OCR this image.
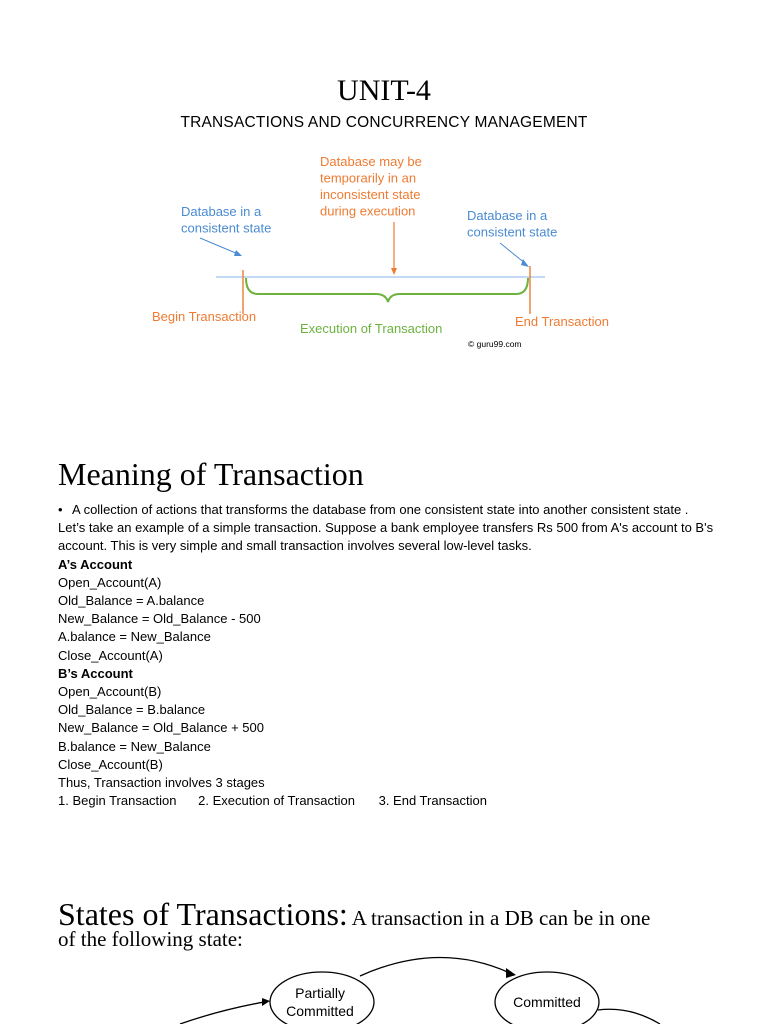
UNIT-4
TRANSACTIONS AND CONCURRENCY MANAGEMENT
Database may be temporarily in an inconsistent state during execution
Database in a consistent state
Database in a consistent state
Begin Transaction
Execution of Transaction	End Transaction
© guru99.com
Meaning of Transaction
• A collection of actions that transforms the database from one consistent state into another consistent state .
Let’s take an example of a simple transaction. Suppose a bank employee transfers Rs 500 from A's account to B's account. This is very simple and small transaction involves several low-level tasks.
A’s Account
Open_Account(A)
Old_Balance = A.balance
New_Balance = Old_Balance - 500
A.balance = New_Balance
Close_Account(A)
B’s Account
Open_Account(B)
Old_Balance = B.balance
New_Balance = Old_Balance + 500
B.balance = New_Balance
Close_Account(B)
Thus, Transaction involves 3 stages
1. Begin Transaction 2. Execution of Transaction 3. End Transaction
States of Transactions: A transaction in a DB can be in one
of the following state:
Partially Committed
Committed
